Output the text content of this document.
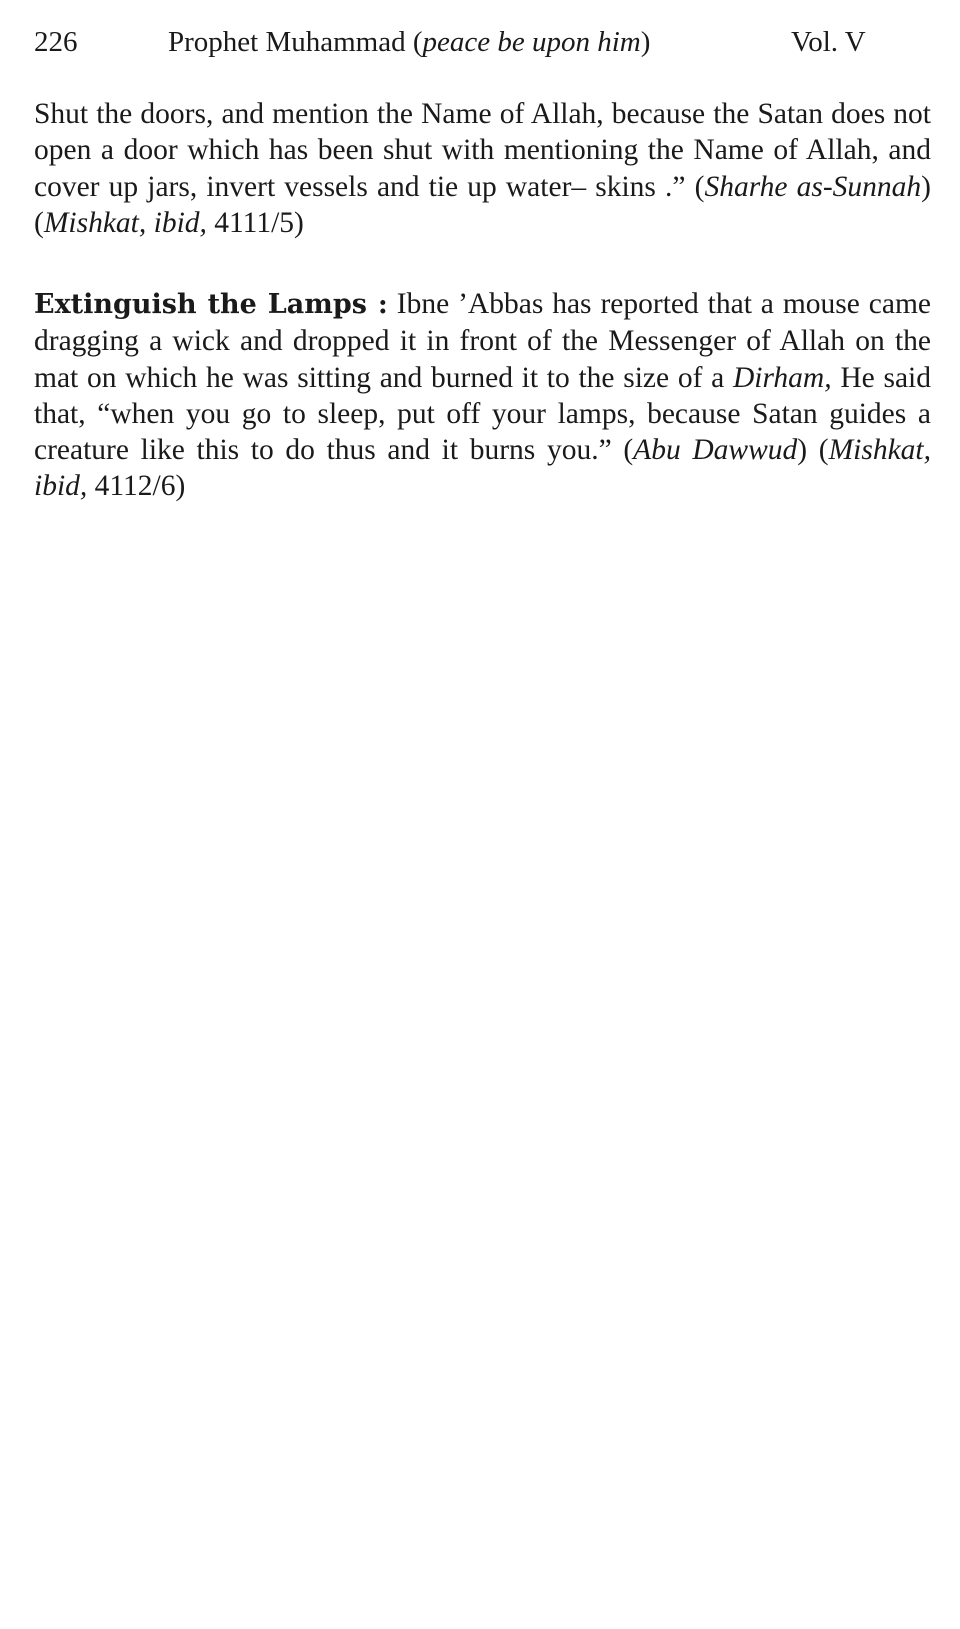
226	Prophet Muhammad (peace be upon him)	Vol. V

Shut the doors, and mention the Name of Allah, because the Satan does not open a door which has been shut with mentioning the Name of Allah, and cover up jars, invert vessels and tie up water– skins .” (Sharhe as-Sunnah) (Mishkat, ibid, 4111/5)

Extinguish the Lamps : Ibne ’Abbas has reported that a mouse came dragging a wick and dropped it in front of the Messenger of Allah on the mat on which he was sitting and burned it to the size of a Dirham, He said that, “when you go to sleep, put off your lamps, because Satan guides a creature like this to do thus and it burns you.” (Abu Dawwud) (Mishkat, ibid, 4112/6)
